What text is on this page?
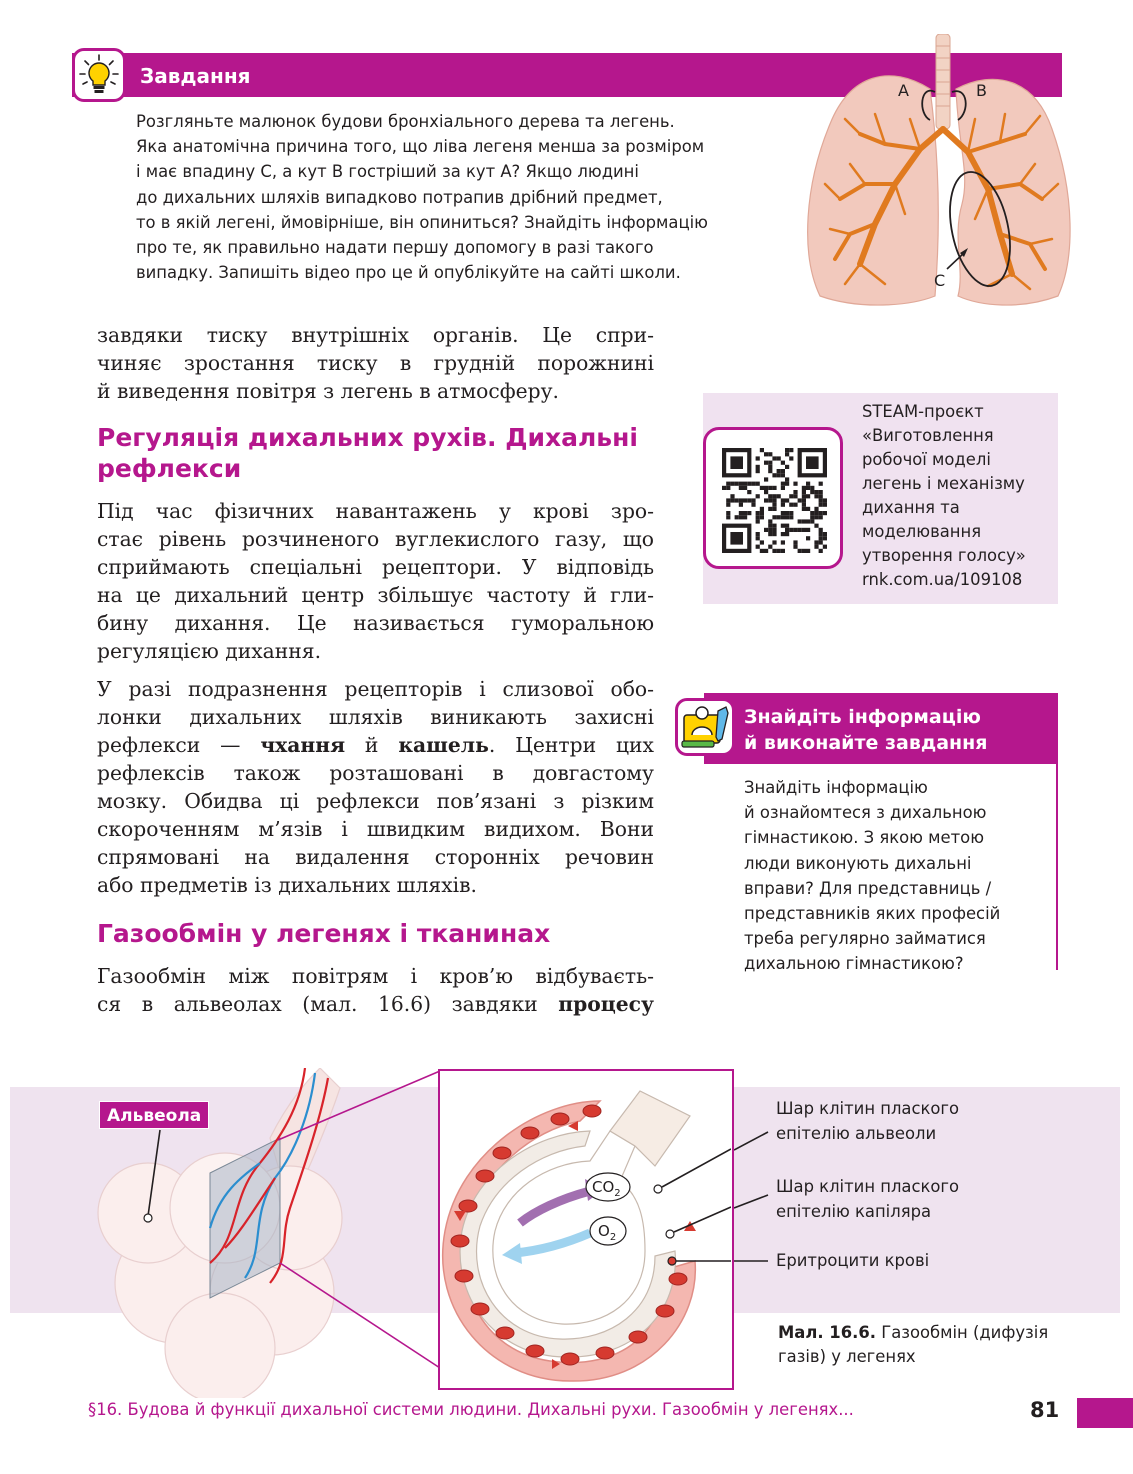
Завдання
Розгляньте малюнок будови бронхіального дерева та легень.
Яка анатомічна причина того, що ліва легеня менша за розміром
і має впадину С, а кут В гостріший за кут А? Якщо людині
до дихальних шляхів випадково потрапив дрібний предмет,
то в якій легені, ймовірніше, він опиниться? Знайдіть інформацію
про те, як правильно надати першу допомогу в разі такого
випадку. Запишіть відео про це й опублікуйте на сайті школи.
A	B
C
завдяки тиску внутрішніх органів. Це спри-
чиняє зростання тиску в грудній порожнині
й виведення повітря з легень в атмосферу.
Регуляція дихальних рухів. Дихальні
рефлекси
Під час фізичних навантажень у крові зро-
стає рівень розчиненого вуглекислого газу, що
сприймають спеціальні рецептори. У відповідь
на це дихальний центр збільшує частоту й гли-
бину дихання. Це називається гуморальною
регуляцією дихання.
У разі подразнення рецепторів і слизової обо-
лонки дихальних шляхів виникають захисні
рефлекси — чхання й кашель. Центри цих
рефлексів також розташовані в довгастому
мозку. Обидва ці рефлекси пов’язані з різким
скороченням м’язів і швидким видихом. Вони
спрямовані на видалення сторонніх речовин
або предметів із дихальних шляхів.
Газообмін у легенях і тканинах
Газообмін між повітрям і кров’ю відбуваєть-
ся в альвеолах (мал. 16.6) завдяки процесу
STEAM-проєкт
«Виготовлення
робочої моделі
легень і механізму
дихання та
моделювання
утворення голосу»
rnk.com.ua/109108
Знайдіть інформацію
й виконайте завдання
Знайдіть інформацію
й ознайомтеся з дихальною
гімнастикою. З якою метою
люди виконують дихальні
вправи? Для представниць /
представників яких професій
треба регулярно займатися
дихальною гімнастикою?
$CO_2$
$O_2$
Альвеола	Шар клітин плаского
епітелію альвеоли
Шар клітин плаского
епітелію капіляра
Еритроцити крові
Мал. 16.6. Газообмін (дифузія
газів) у легенях
§16. Будова й функції дихальної системи людини. Дихальні рухи. Газообмін у легенях...	81
